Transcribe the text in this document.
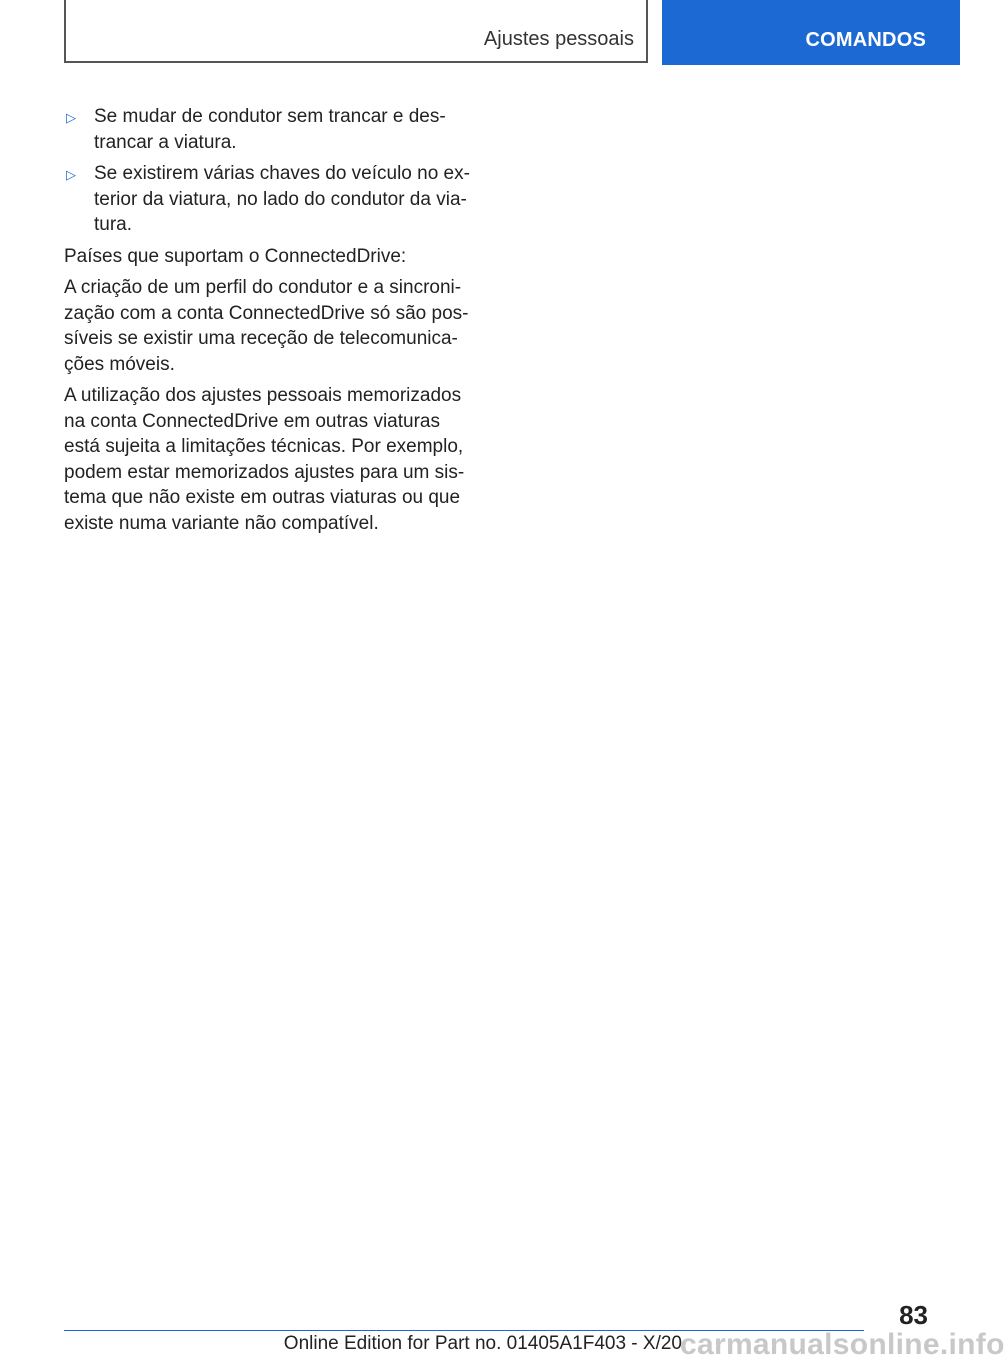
Ajustes pessoais	COMANDOS
▷ Se mudar de condutor sem trancar e des-
trancar a viatura.
▷ Se existirem várias chaves do veículo no ex-
terior da viatura, no lado do condutor da via-
tura.

Países que suportam o ConnectedDrive:

A criação de um perfil do condutor e a sincroni-
zação com a conta ConnectedDrive só são pos-
síveis se existir uma receção de telecomunica-
ções móveis.

A utilização dos ajustes pessoais memorizados
na conta ConnectedDrive em outras viaturas
está sujeita a limitações técnicas. Por exemplo,
podem estar memorizados ajustes para um sis-
tema que não existe em outras viaturas ou que
existe numa variante não compatível.

83
Online Edition for Part no. 01405A1F403 - X/20
carmanualsonline.info
